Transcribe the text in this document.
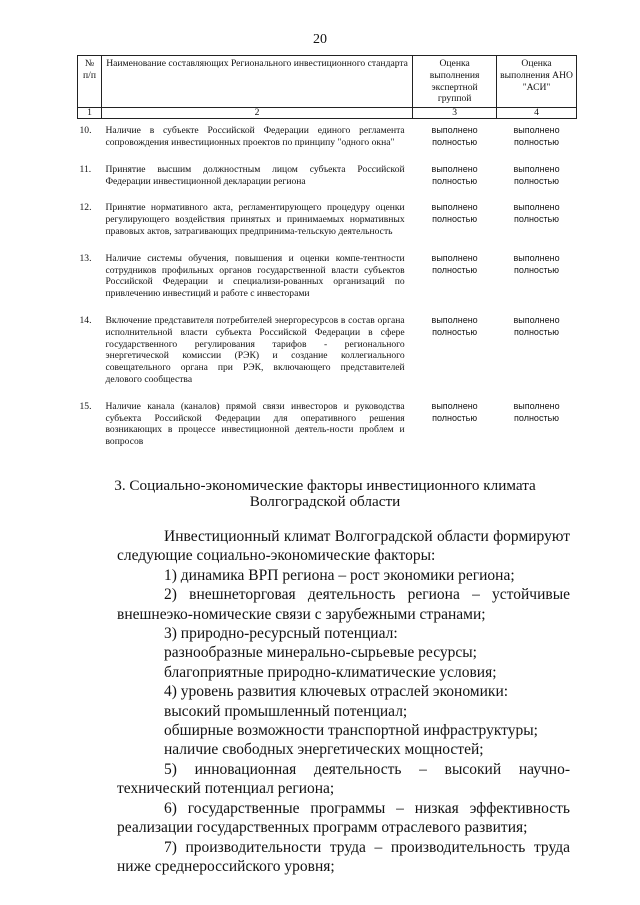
20
№ п/п	Наименование составляющих Регионального инвестиционного стандарта	Оценка выполнения экспертной группой	Оценка выполнения АНО "АСИ"
1	2	3	4
10.	Наличие в субъекте Российской Федерации единого регламента сопровождения инвестиционных проектов по принципу "одного окна"	выполнено полностью	выполнено полностью
11.	Принятие высшим должностным лицом субъекта Российской Федерации инвестиционной декларации региона	выполнено полностью	выполнено полностью
12.	Принятие нормативного акта, регламентирующего процедуру оценки регулирующего воздействия принятых и принимаемых нормативных правовых актов, затрагивающих предпринима-тельскую деятельность	выполнено полностью	выполнено полностью
13.	Наличие системы обучения, повышения и оценки компе-тентности сотрудников профильных органов государственной власти субъектов Российской Федерации и специализи-рованных организаций по привлечению инвестиций и работе с инвесторами	выполнено полностью	выполнено полностью
14.	Включение представителя потребителей энергоресурсов в состав органа исполнительной власти субъекта Российской Федерации в сфере государственного регулирования тарифов - регионального энергетической комиссии (РЭК) и создание коллегиального совещательного органа при РЭК, включающего представителей делового сообщества	выполнено полностью	выполнено полностью
15.	Наличие канала (каналов) прямой связи инвесторов и руководства субъекта Российской Федерации для оперативного решения возникающих в процессе инвестиционной деятель-ности проблем и вопросов	выполнено полностью	выполнено полностью
3. Социально-экономические факторы инвестиционного климата Волгоградской области

Инвестиционный климат Волгоградской области формируют следующие социально-экономические факторы:

1) динамика ВРП региона – рост экономики региона;

2) внешнеторговая деятельность региона – устойчивые внешнеэко-номические связи с зарубежными странами;

3) природно-ресурсный потенциал:

разнообразные минерально-сырьевые ресурсы;

благоприятные природно-климатические условия;

4) уровень развития ключевых отраслей экономики:

высокий промышленный потенциал;

обширные возможности транспортной инфраструктуры;

наличие свободных энергетических мощностей;

5) инновационная деятельность – высокий научно-технический потенциал региона;

6) государственные программы – низкая эффективность реализации государственных программ отраслевого развития;

7) производительности труда – производительность труда ниже среднероссийского уровня;
